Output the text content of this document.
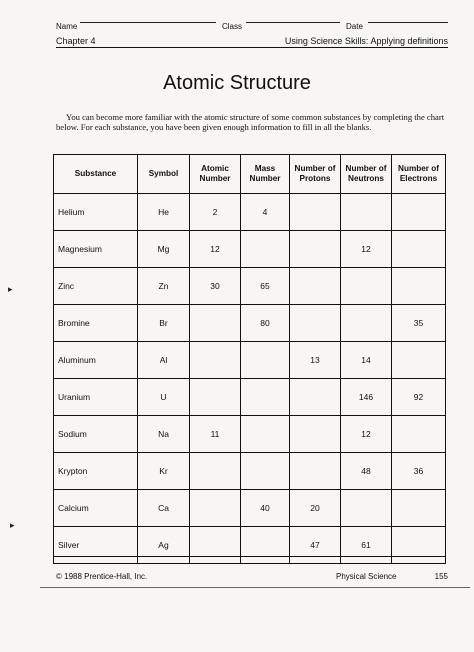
Name	Class	Date
Chapter 4	Using Science Skills: Applying definitions
Atomic Structure
You can become more familiar with the atomic structure of some common substances by completing the chart below. For each substance, you have been given enough information to fill in all the blanks.
Substance	Symbol	Atomic Number	Mass Number	Number of Protons	Number of Neutrons	Number of Electrons
Helium	He	2	4			
Magnesium	Mg	12			12	
Zinc	Zn	30	65			
Bromine	Br		80			35
Aluminum	Al			13	14	
Uranium	U				146	92
Sodium	Na	11			12	
Krypton	Kr				48	36
Calcium	Ca		40	20		
Silver	Ag			47	61	
© 1988 Prentice-Hall, Inc.	Physical Science	155
▸
▸
